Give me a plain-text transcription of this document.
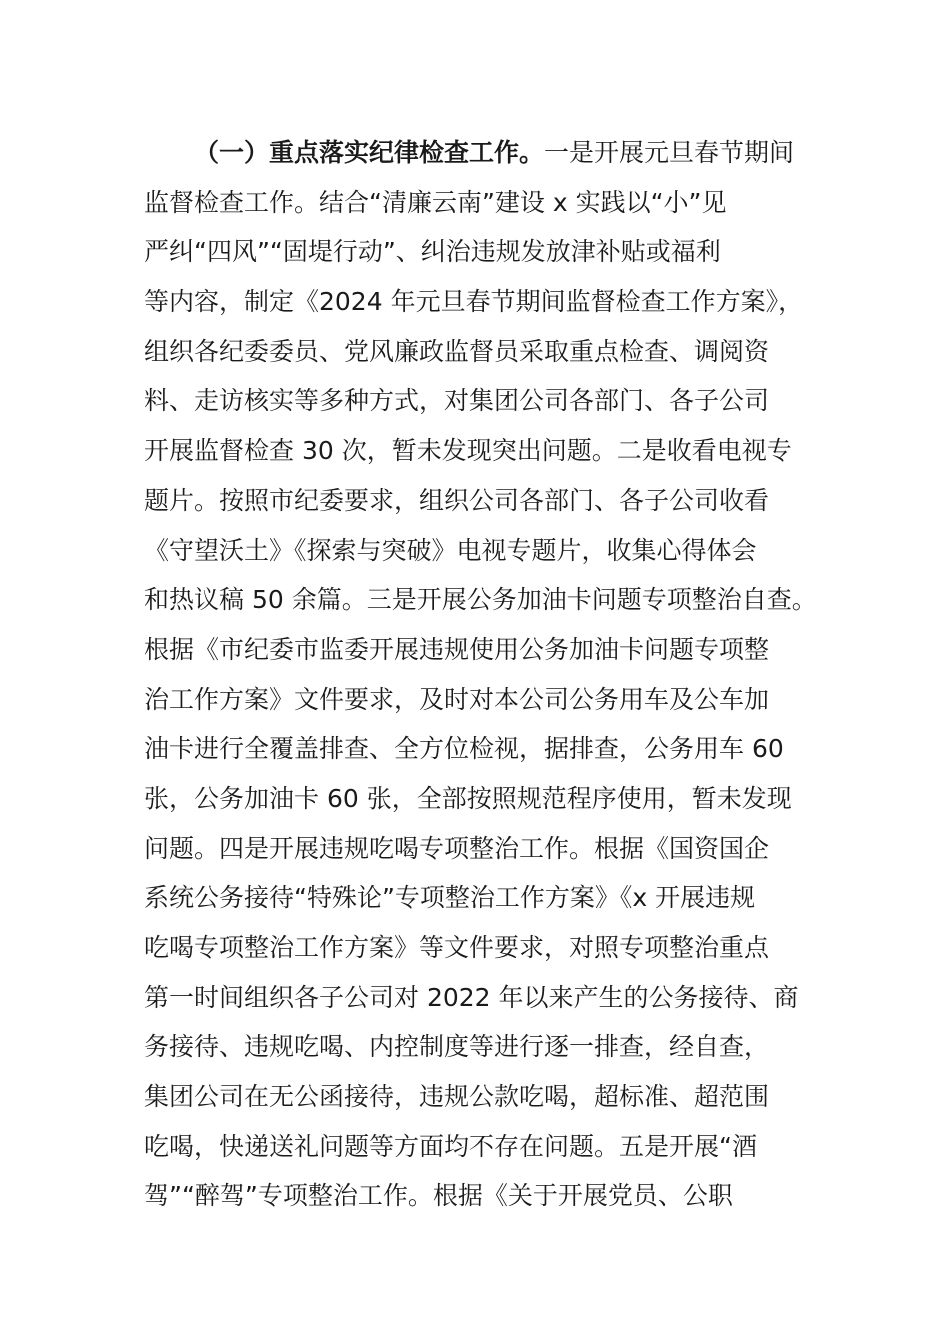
（一）重点落实纪律检查工作。一是开展元旦春节期间
监督检查工作。结合“清廉云南”建设 x 实践以“小”见
严纠“四风”“固堤行动”、纠治违规发放津补贴或福利
等内容，制定《2024 年元旦春节期间监督检查工作方案》，
组织各纪委委员、党风廉政监督员采取重点检查、调阅资
料、走访核实等多种方式，对集团公司各部门、各子公司
开展监督检查 30 次，暂未发现突出问题。二是收看电视专
题片。按照市纪委要求，组织公司各部门、各子公司收看
《守望沃土》《探索与突破》电视专题片，收集心得体会
和热议稿 50 余篇。三是开展公务加油卡问题专项整治自查。
根据《市纪委市监委开展违规使用公务加油卡问题专项整
治工作方案》文件要求，及时对本公司公务用车及公车加
油卡进行全覆盖排查、全方位检视，据排查，公务用车 60
张，公务加油卡 60 张，全部按照规范程序使用，暂未发现
问题。四是开展违规吃喝专项整治工作。根据《国资国企
系统公务接待“特殊论”专项整治工作方案》《x 开展违规
吃喝专项整治工作方案》等文件要求，对照专项整治重点
第一时间组织各子公司对 2022 年以来产生的公务接待、商
务接待、违规吃喝、内控制度等进行逐一排查，经自查，
集团公司在无公函接待，违规公款吃喝，超标准、超范围
吃喝，快递送礼问题等方面均不存在问题。五是开展“酒
驾”“醉驾”专项整治工作。根据《关于开展党员、公职
